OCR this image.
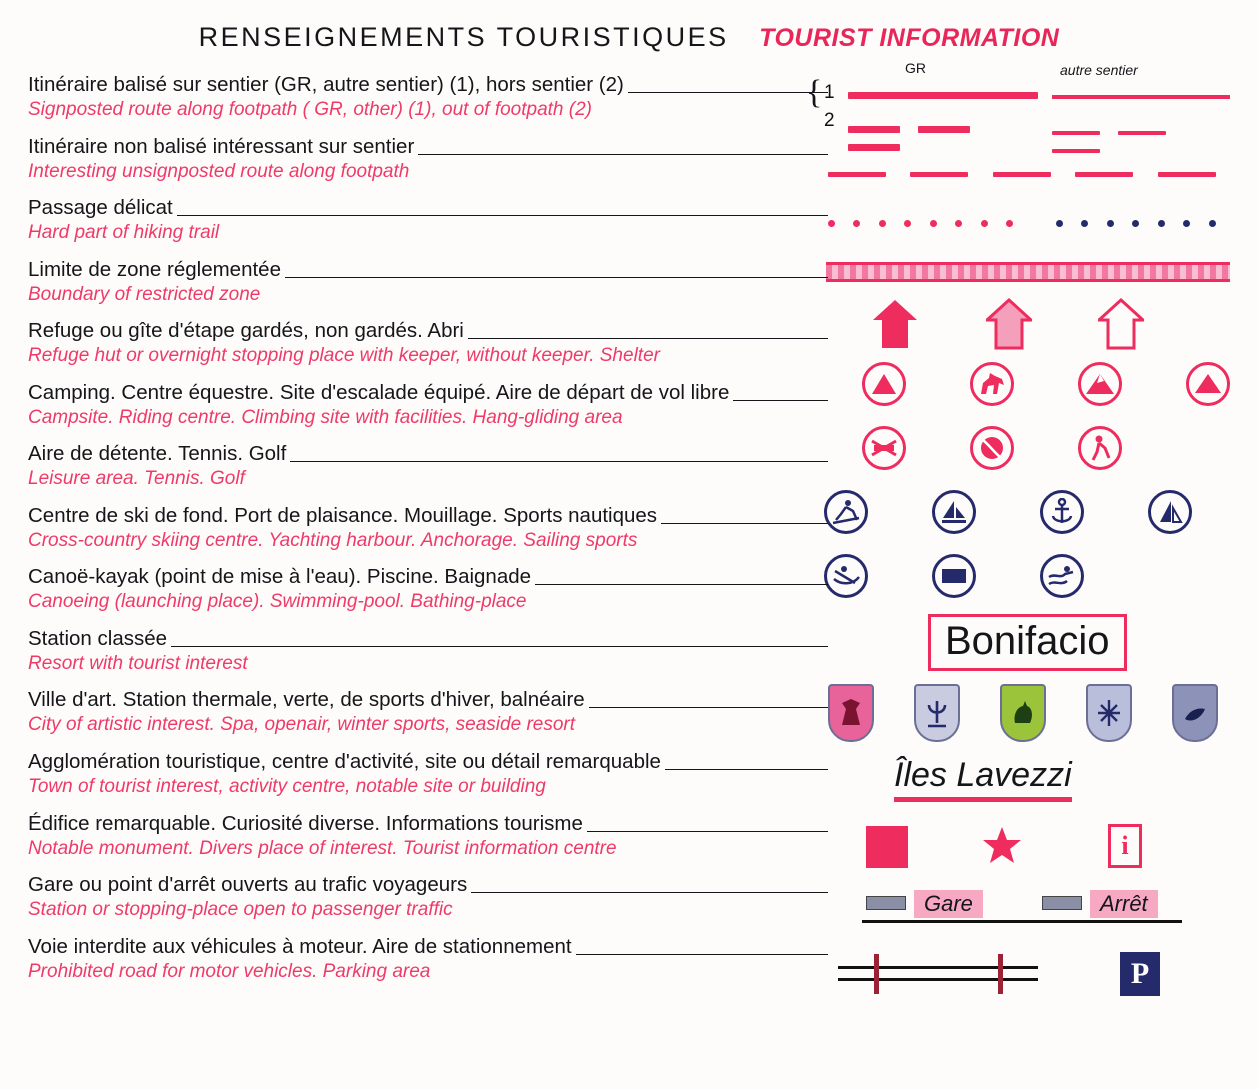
RENSEIGNEMENTS TOURISTIQUES TOURIST INFORMATION
Itinéraire balisé sur sentier (GR, autre sentier) (1), hors sentier (2)
Signposted route along footpath ( GR, other) (1), out of footpath (2)
Itinéraire non balisé intéressant sur sentier
Interesting unsignposted route along footpath
Passage délicat
Hard part of hiking trail
Limite de zone réglementée
Boundary of restricted zone
Refuge ou gîte d'étape gardés, non gardés. Abri
Refuge hut or overnight stopping place with keeper, without keeper. Shelter
Camping. Centre équestre. Site d'escalade équipé. Aire de départ de vol libre
Campsite. Riding centre. Climbing site with facilities. Hang-gliding area
Aire de détente. Tennis. Golf
Leisure area. Tennis. Golf
Centre de ski de fond. Port de plaisance. Mouillage. Sports nautiques
Cross-country skiing centre. Yachting harbour. Anchorage. Sailing sports
Canoë-kayak (point de mise à l'eau). Piscine. Baignade
Canoeing (launching place). Swimming-pool. Bathing-place
Station classée
Resort with tourist interest
Ville d'art. Station thermale, verte, de sports d'hiver, balnéaire
City of artistic interest. Spa, openair, winter sports, seaside resort
Agglomération touristique, centre d'activité, site ou détail remarquable
Town of tourist interest, activity centre, notable site or building
Édifice remarquable. Curiosité diverse. Informations tourisme
Notable monument. Divers place of interest. Tourist information centre
Gare ou point d'arrêt ouverts au trafic voyageurs
Station or stopping-place open to passenger traffic
Voie interdite aux véhicules à moteur. Aire de stationnement
Prohibited road for motor vehicles. Parking area
GR	autre sentier
{ 1
2

Bonifacio
Îles Lavezzi
i
Gare	Arrêt
P
